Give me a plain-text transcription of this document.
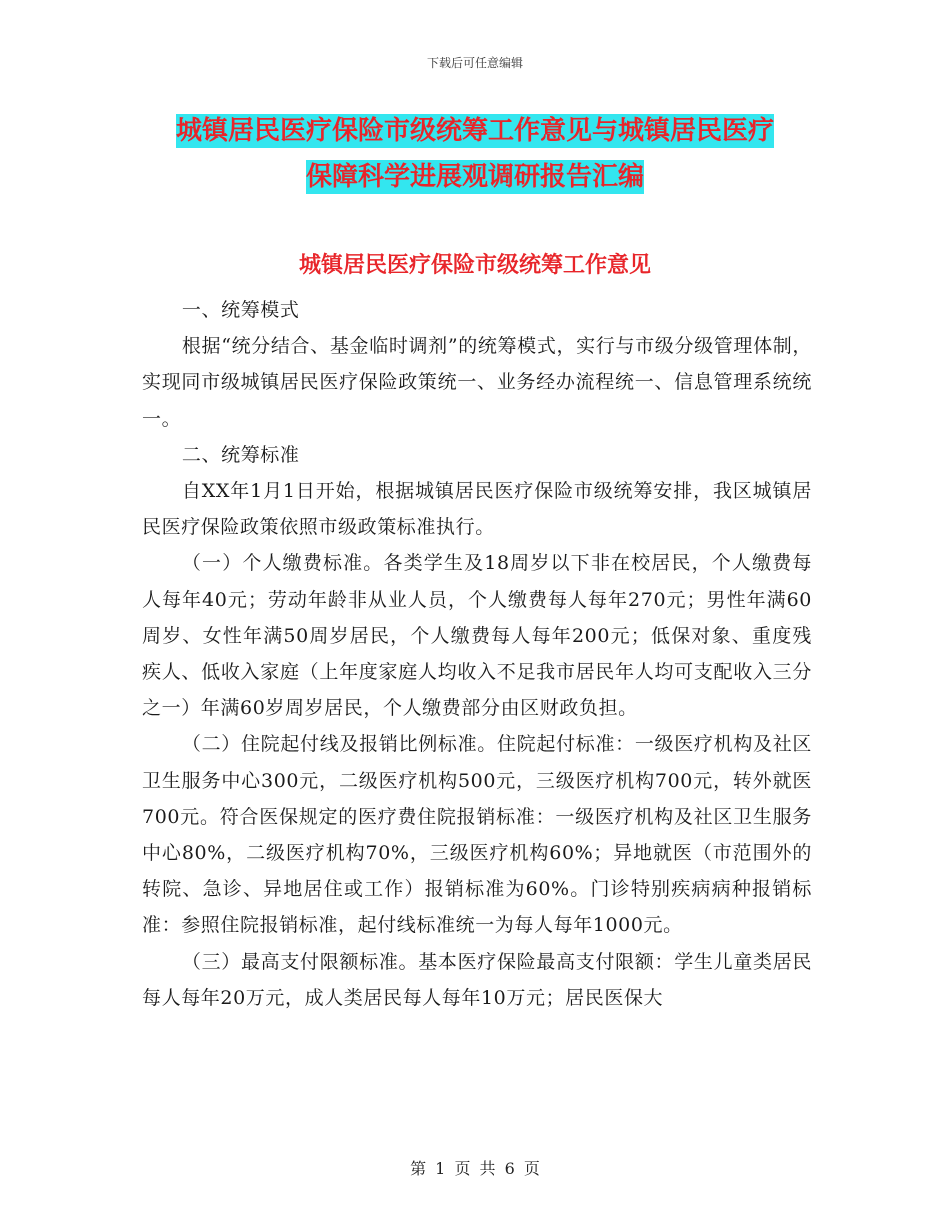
下载后可任意编辑
城镇居民医疗保险市级统筹工作意见与城镇居民医疗
保障科学进展观调研报告汇编
城镇居民医疗保险市级统筹工作意见

一、统筹模式

根据“统分结合、基金临时调剂”的统筹模式，实行与市级分级管理体制，实现同市级城镇居民医疗保险政策统一、业务经办流程统一、信息管理系统统一。

二、统筹标准

自XX年1月1日开始，根据城镇居民医疗保险市级统筹安排，我区城镇居民医疗保险政策依照市级政策标准执行。

（一）个人缴费标准。各类学生及18周岁以下非在校居民，个人缴费每人每年40元；劳动年龄非从业人员，个人缴费每人每年270元；男性年满60周岁、女性年满50周岁居民，个人缴费每人每年200元；低保对象、重度残疾人、低收入家庭（上年度家庭人均收入不足我市居民年人均可支配收入三分之一）年满60岁周岁居民，个人缴费部分由区财政负担。

（二）住院起付线及报销比例标准。住院起付标准：一级医疗机构及社区卫生服务中心300元，二级医疗机构500元，三级医疗机构700元，转外就医700元。符合医保规定的医疗费住院报销标准：一级医疗机构及社区卫生服务中心80%，二级医疗机构70%，三级医疗机构60%；异地就医（市范围外的转院、急诊、异地居住或工作）报销标准为60%。门诊特别疾病病种报销标准：参照住院报销标准，起付线标准统一为每人每年1000元。

（三）最高支付限额标准。基本医疗保险最高支付限额：学生儿童类居民每人每年20万元，成人类居民每人每年10万元；居民医保大

第 1 页 共 6 页
